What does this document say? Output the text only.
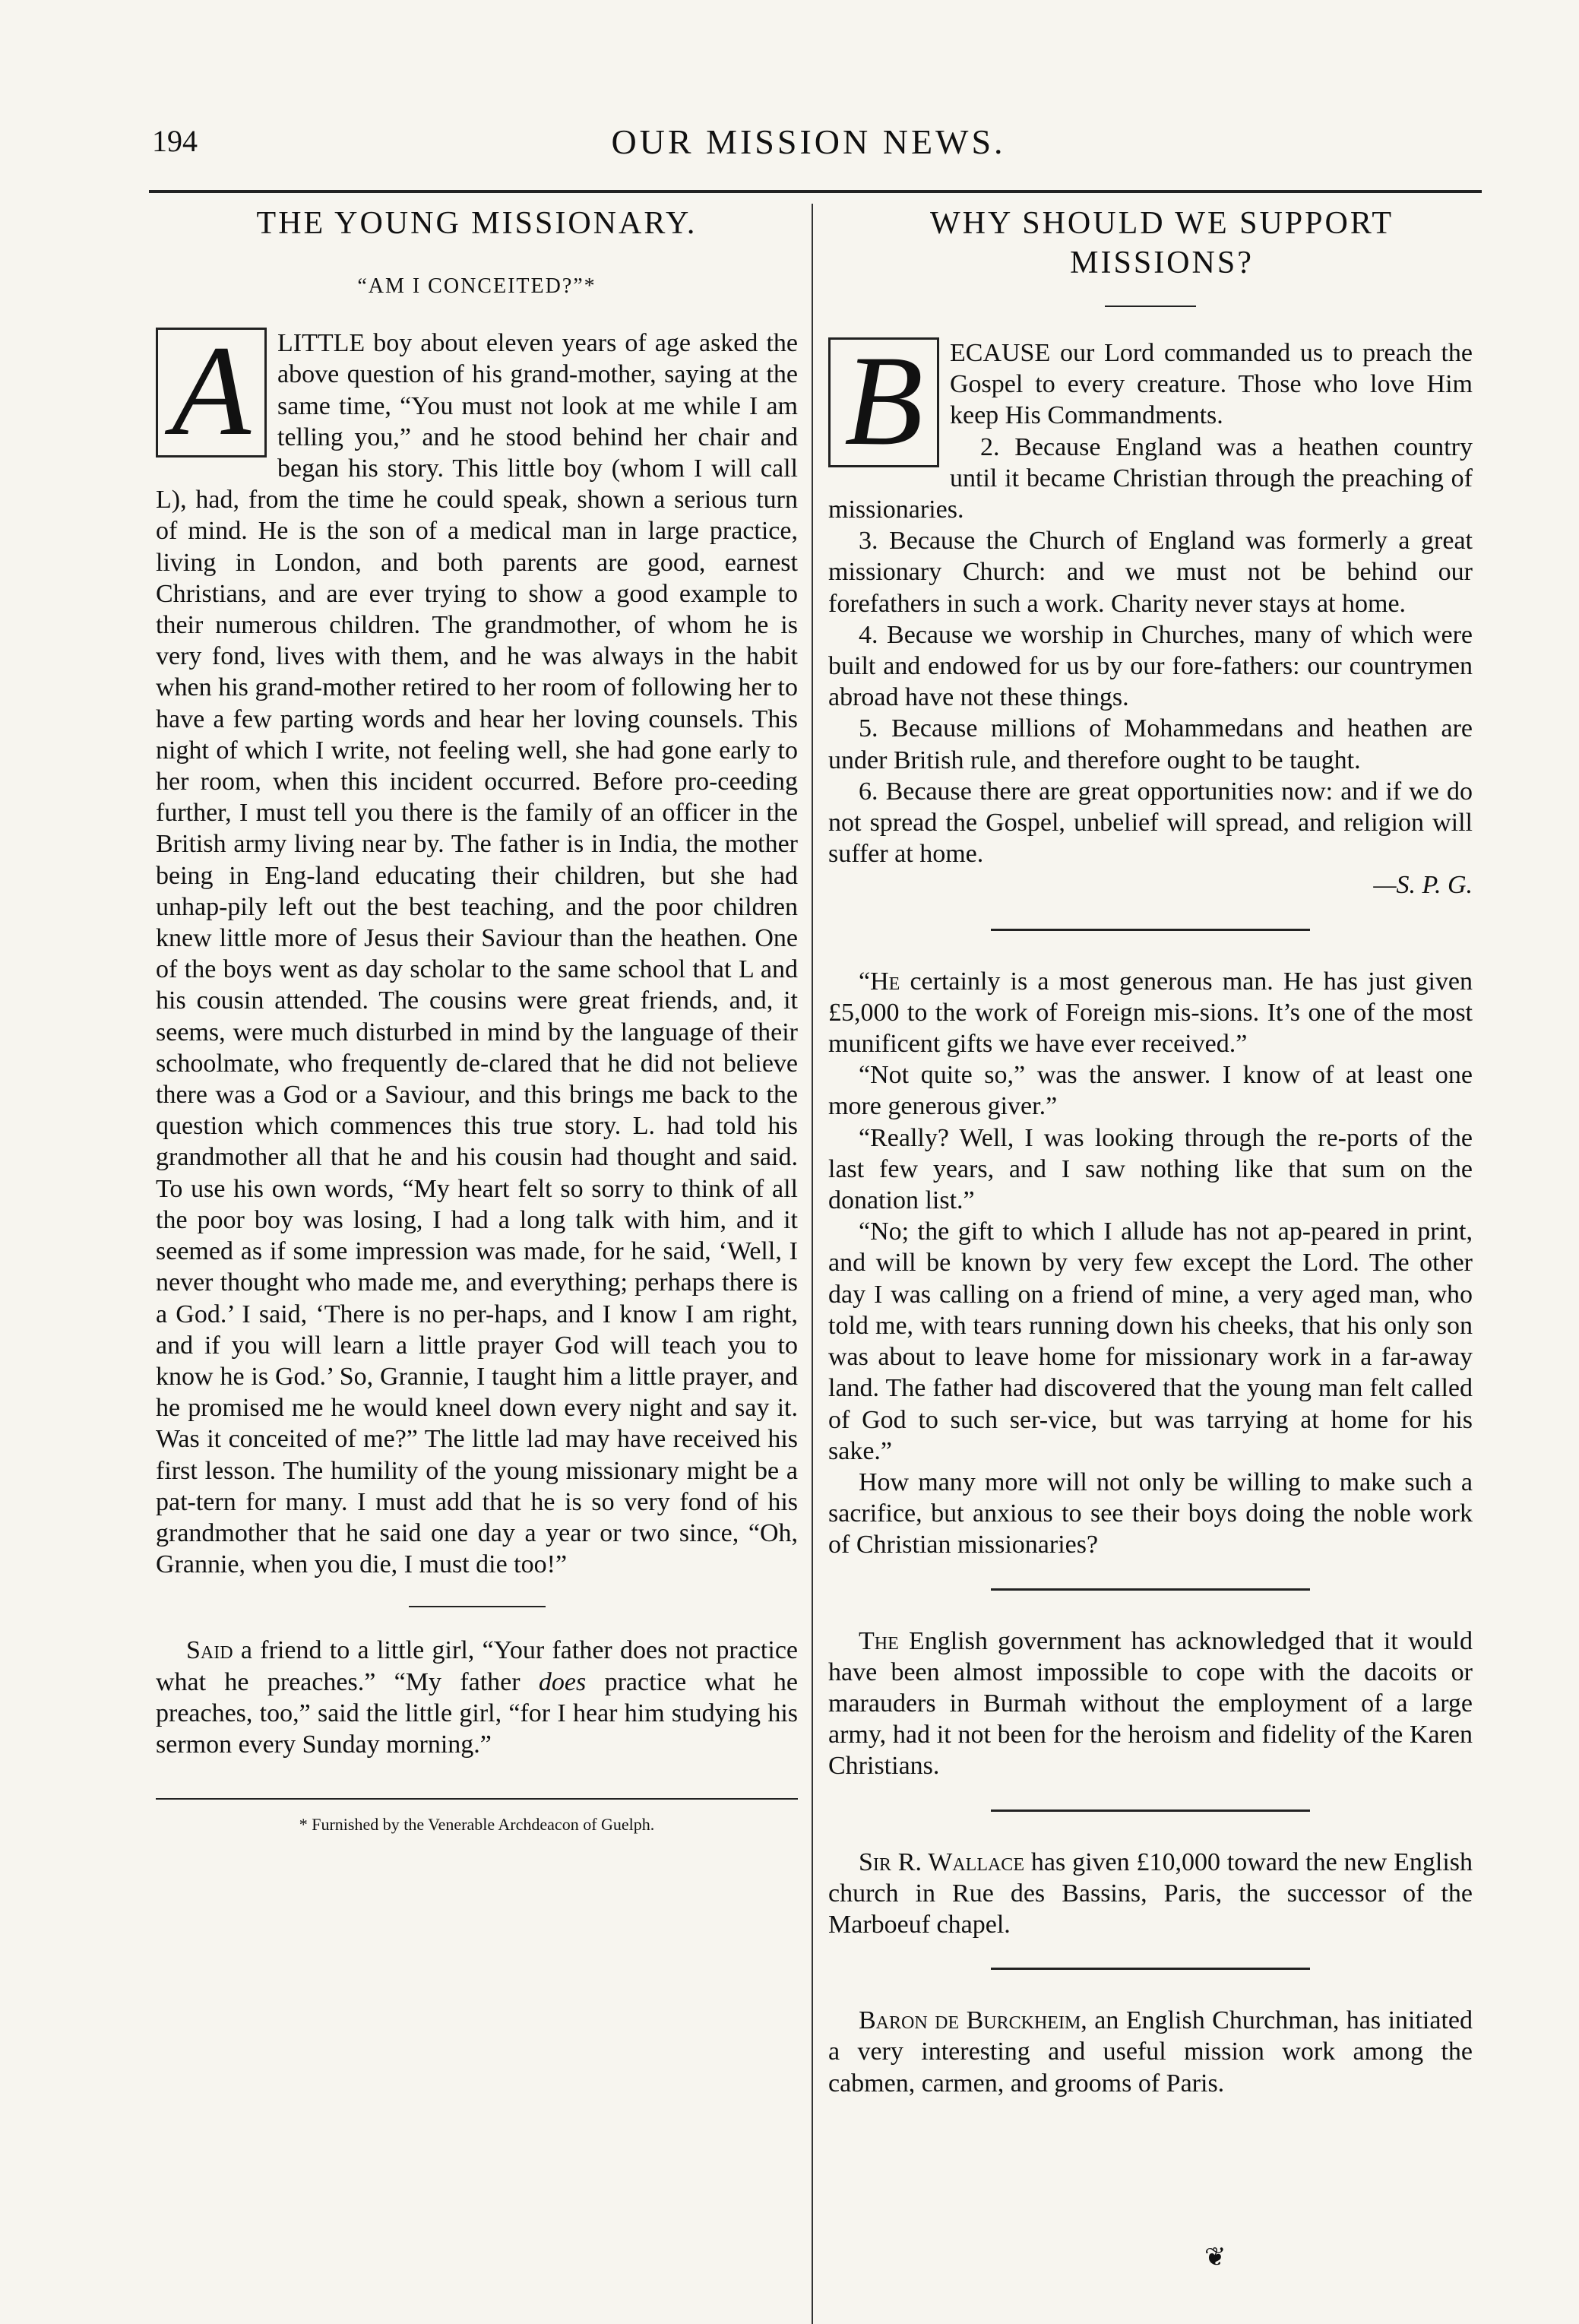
194	OUR MISSION NEWS.
THE YOUNG MISSIONARY.
“AM I CONCEITED?”*

A	LITTLE boy about eleven years of age asked the above question of his grand-mother, saying at the same time, “You must not look at me while I am telling you,” and he stood behind her chair and began his story. This little boy (whom I will call L), had, from the time he could speak, shown a serious turn of mind. He is the son of a medical man in large practice, living in London, and both parents are good, earnest Christians, and are ever trying to show a good example to their numerous children. The grandmother, of whom he is very fond, lives with them, and he was always in the habit when his grand-mother retired to her room of following her to have a few parting words and hear her loving counsels. This night of which I write, not feeling well, she had gone early to her room, when this incident occurred. Before pro-ceeding further, I must tell you there is the family of an officer in the British army living near by. The father is in India, the mother being in Eng-land educating their children, but she had unhap-pily left out the best teaching, and the poor children knew little more of Jesus their Saviour than the heathen. One of the boys went as day scholar to the same school that L and his cousin attended. The cousins were great friends, and, it seems, were much disturbed in mind by the language of their schoolmate, who frequently de-clared that he did not believe there was a God or a Saviour, and this brings me back to the question which commences this true story. L. had told his grandmother all that he and his cousin had thought and said. To use his own words, “My heart felt so sorry to think of all the poor boy was losing, I had a long talk with him, and it seemed as if some impression was made, for he said, ‘Well, I never thought who made me, and everything; perhaps there is a God.’ I said, ‘There is no per-haps, and I know I am right, and if you will learn a little prayer God will teach you to know he is God.’ So, Grannie, I taught him a little prayer, and he promised me he would kneel down every night and say it. Was it conceited of me?” The little lad may have received his first lesson. The humility of the young missionary might be a pat-tern for many. I must add that he is so very fond of his grandmother that he said one day a year or two since, “Oh, Grannie, when you die, I must die too!”

Said a friend to a little girl, “Your father does not practice what he preaches.” “My father does practice what he preaches, too,” said the little girl, “for I hear him studying his sermon every Sunday morning.”

* Furnished by the Venerable Archdeacon of Guelph.
WHY SHOULD WE SUPPORT MISSIONS?

B	ECAUSE our Lord commanded us to preach the Gospel to every creature. Those who love Him keep His Commandments.

2. Because England was a heathen country until it became Christian through the preaching of missionaries.

3. Because the Church of England was formerly a great missionary Church: and we must not be behind our forefathers in such a work. Charity never stays at home.

4. Because we worship in Churches, many of which were built and endowed for us by our fore-fathers: our countrymen abroad have not these things.

5. Because millions of Mohammedans and heathen are under British rule, and therefore ought to be taught.

6. Because there are great opportunities now: and if we do not spread the Gospel, unbelief will spread, and religion will suffer at home.

—S. P. G.

“He certainly is a most generous man. He has just given £5,000 to the work of Foreign mis-sions. It’s one of the most munificent gifts we have ever received.”

“Not quite so,” was the answer. I know of at least one more generous giver.”

“Really? Well, I was looking through the re-ports of the last few years, and I saw nothing like that sum on the donation list.”

“No; the gift to which I allude has not ap-peared in print, and will be known by very few except the Lord. The other day I was calling on a friend of mine, a very aged man, who told me, with tears running down his cheeks, that his only son was about to leave home for missionary work in a far-away land. The father had discovered that the young man felt called of God to such ser-vice, but was tarrying at home for his sake.”

How many more will not only be willing to make such a sacrifice, but anxious to see their boys doing the noble work of Christian missionaries?

The English government has acknowledged that it would have been almost impossible to cope with the dacoits or marauders in Burmah without the employment of a large army, had it not been for the heroism and fidelity of the Karen Christians.

Sir R. Wallace has given £10,000 toward the new English church in Rue des Bassins, Paris, the successor of the Marboeuf chapel.

Baron de Burckheim, an English Churchman, has initiated a very interesting and useful mission work among the cabmen, carmen, and grooms of Paris.

❦
